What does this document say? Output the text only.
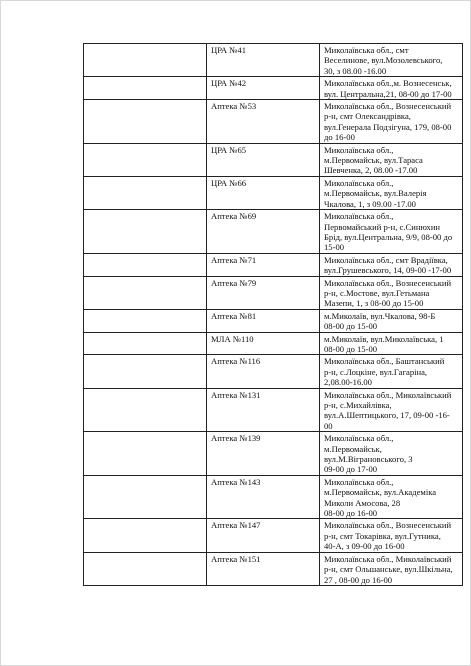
	ЦРА №41	Миколаївська обл., смт
Веселинове, вул.Мозолевського,
30, з 08.00 -16.00

	ЦРА №42	Миколаївська обл.,м. Вознесенськ,
вул. Центральна,21, 08-00 до 17-00

	Аптека №53	Миколаївська обл., Вознесенський
р-н, смт Олександрівка,
вул.Генерала Подзігуна, 179, 08-00
до 16-00

	ЦРА №65	Миколаївська обл.,
м.Первомайськ, вул.Тараса
Шевченка, 2, 08.00 -17.00

	ЦРА №66	Миколаївська обл.,
м.Первомайськ, вул.Валерія
Чкалова, 1, з 09.00 -17.00

	Аптека №69	Миколаївська обл.,
Первомайський р-н, с.Синюхин
Брід, вул.Центральна, 9/9, 08-00 до
15-00

	Аптека №71	Миколаївська обл., смт Врадіївка,
вул.Грушевського, 14, 09-00 -17-00

	Аптека №79	Миколаївська обл., Вознесенський
р-н, с.Мостове, вул.Гетьмана
Мазепи, 1, з 08-00 до 15-00

	Аптека №81	м.Миколаїв, вул.Чкалова, 98-Б
08-00 до 15-00

	МЛА №110	м.Миколаїв, вул.Миколаївська, 1
08-00 до 15-00

	Аптека №116	Миколаївська обл., Баштанський
р-н, с.Лоцкіне, вул.Гагаріна,
2,08.00-16.00

	Аптека №131	Миколаївська обл., Миколаївський
р-н, с.Михайлівка,
вул.А.Шептицького, 17, 09-00 -16-
00

	Аптека №139	Миколаївська обл.,
м.Первомайськ,
вул.М.Віграновського, 3
09-00 до 17-00

	Аптека №143	Миколаївська обл.,
м.Первомайськ, вул.Академіка
Миколи Амосова, 28
08-00 до 16-00

	Аптека №147	Миколаївська обл., Вознесенський
р-н, смт Токарівка, вул.Гутника,
40-А, з 09-00 до 16-00

	Аптека №151	Миколаївська обл., Миколаївський
р-н, смт Ольшанське, вул.Шкільна,
27 , 08-00 до 16-00
